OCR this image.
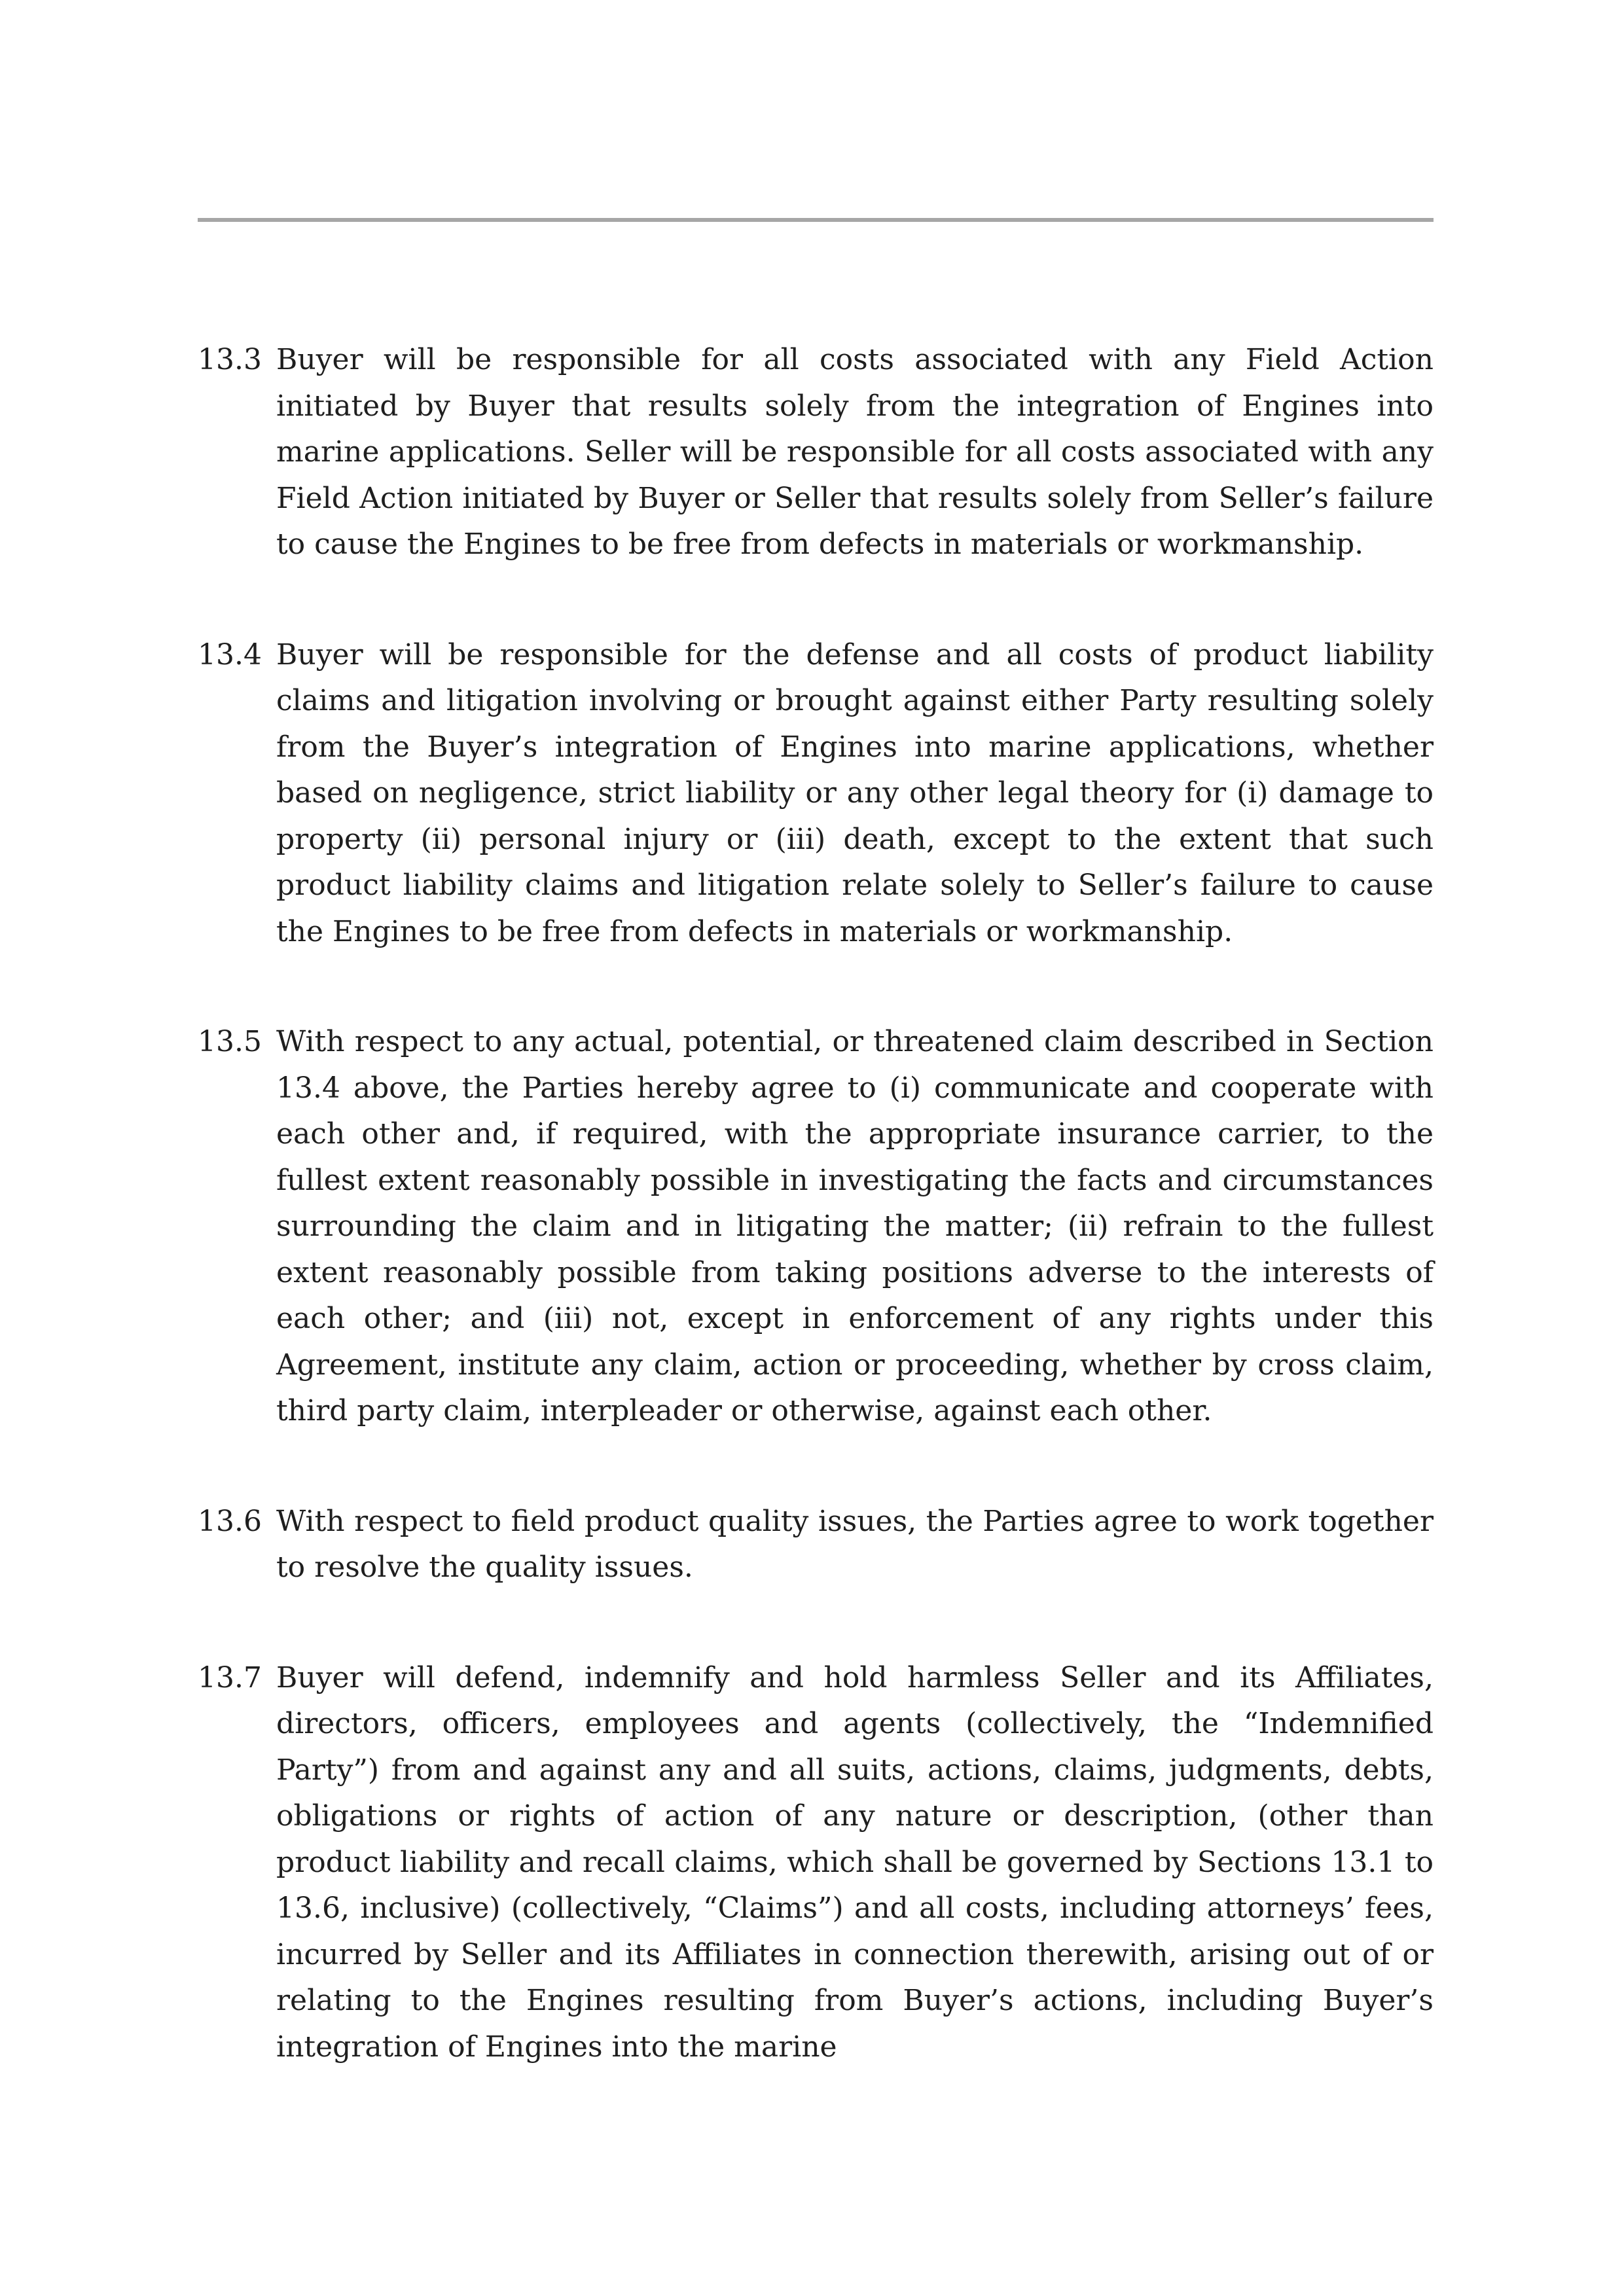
13.3 Buyer will be responsible for all costs associated with any Field Action initiated by Buyer that results solely from the integration of Engines into marine applications. Seller will be responsible for all costs associated with any Field Action initiated by Buyer or Seller that results solely from Seller’s failure to cause the Engines to be free from defects in materials or workmanship.
13.4 Buyer will be responsible for the defense and all costs of product liability claims and litigation involving or brought against either Party resulting solely from the Buyer’s integration of Engines into marine applications, whether based on negligence, strict liability or any other legal theory for (i) damage to property (ii) personal injury or (iii) death, except to the extent that such product liability claims and litigation relate solely to Seller’s failure to cause the Engines to be free from defects in materials or workmanship.
13.5 With respect to any actual, potential, or threatened claim described in Section 13.4 above, the Parties hereby agree to (i) communicate and cooperate with each other and, if required, with the appropriate insurance carrier, to the fullest extent reasonably possible in investigating the facts and circumstances surrounding the claim and in litigating the matter; (ii) refrain to the fullest extent reasonably possible from taking positions adverse to the interests of each other; and (iii) not, except in enforcement of any rights under this Agreement, institute any claim, action or proceeding, whether by cross claim, third party claim, interpleader or otherwise, against each other.
13.6 With respect to field product quality issues, the Parties agree to work together to resolve the quality issues.
13.7 Buyer will defend, indemnify and hold harmless Seller and its Affiliates, directors, officers, employees and agents (collectively, the “Indemnified Party”) from and against any and all suits, actions, claims, judgments, debts, obligations or rights of action of any nature or description, (other than product liability and recall claims, which shall be governed by Sections 13.1 to 13.6, inclusive) (collectively, “Claims”) and all costs, including attorneys’ fees, incurred by Seller and its Affiliates in connection therewith, arising out of or relating to the Engines resulting from Buyer’s actions, including Buyer’s integration of Engines into the marine
